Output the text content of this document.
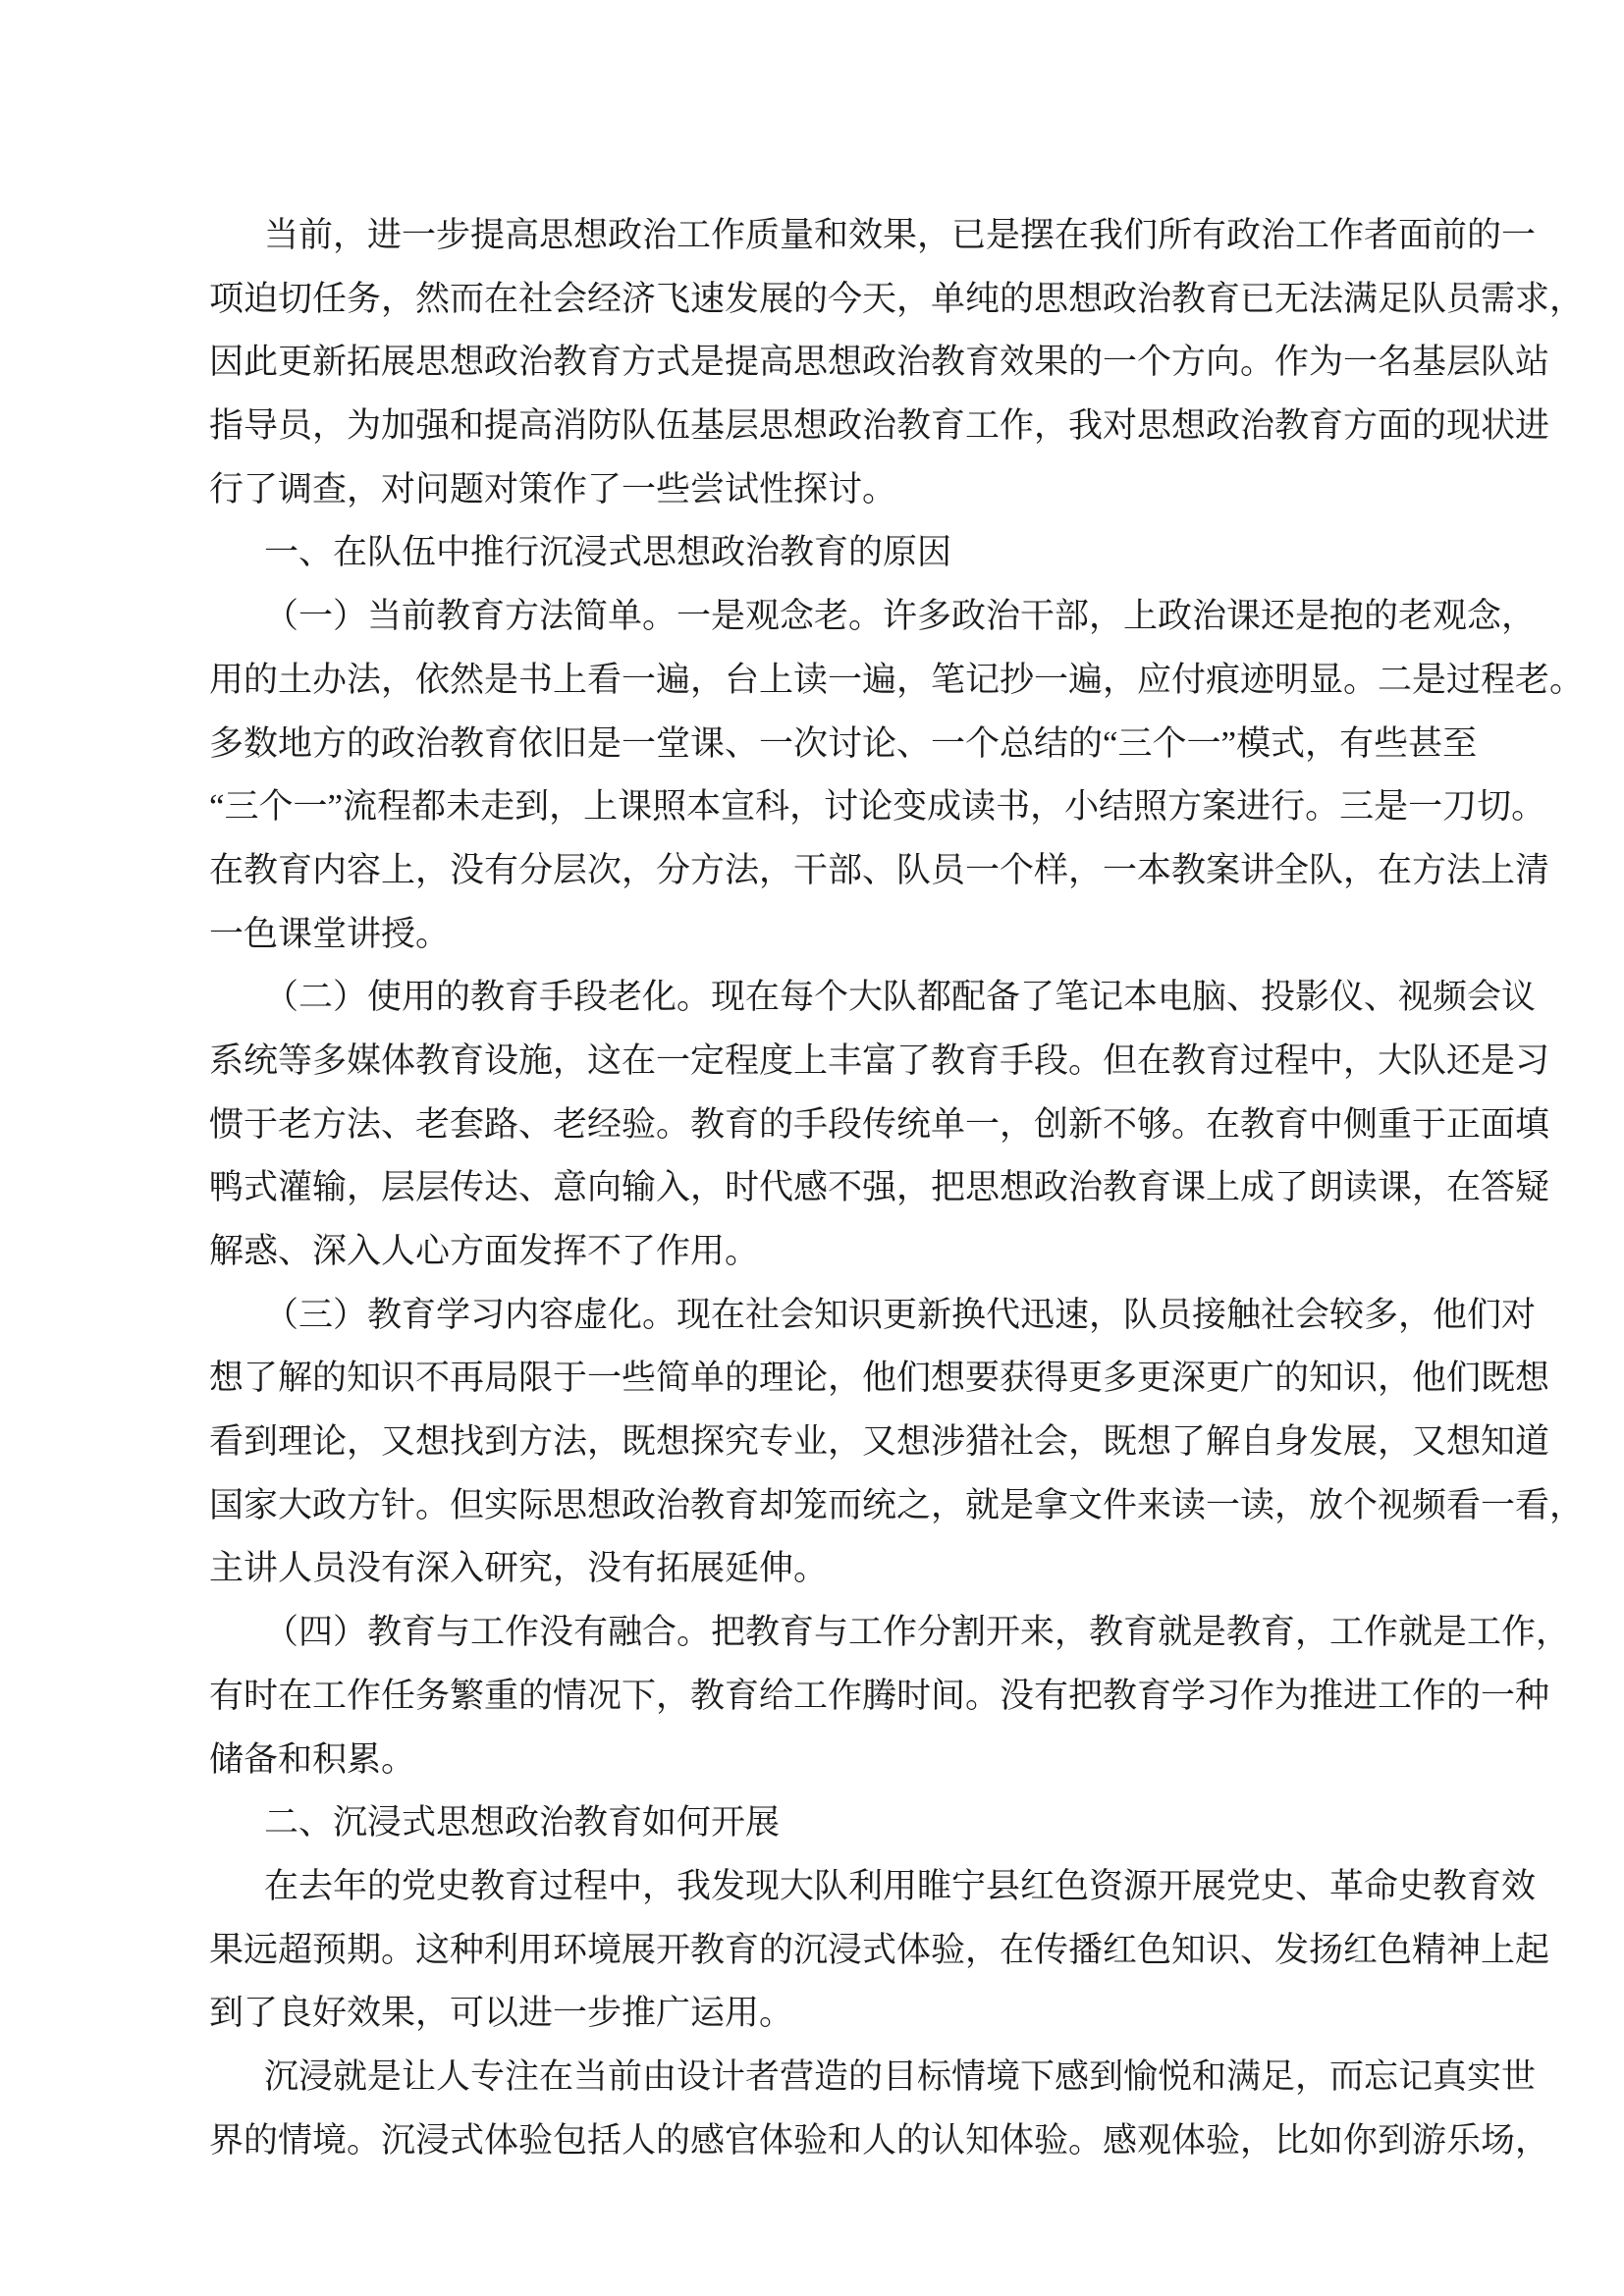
当前，进一步提高思想政治工作质量和效果，已是摆在我们所有政治工作者面前的一
项迫切任务，然而在社会经济飞速发展的今天，单纯的思想政治教育已无法满足队员需求，
因此更新拓展思想政治教育方式是提高思想政治教育效果的一个方向。作为一名基层队站
指导员，为加强和提高消防队伍基层思想政治教育工作，我对思想政治教育方面的现状进
行了调查，对问题对策作了一些尝试性探讨。
一、在队伍中推行沉浸式思想政治教育的原因
（一）当前教育方法简单。一是观念老。许多政治干部，上政治课还是抱的老观念，
用的土办法，依然是书上看一遍，台上读一遍，笔记抄一遍，应付痕迹明显。二是过程老。
多数地方的政治教育依旧是一堂课、一次讨论、一个总结的“三个一”模式，有些甚至
“三个一”流程都未走到，上课照本宣科，讨论变成读书，小结照方案进行。三是一刀切。
在教育内容上，没有分层次，分方法，干部、队员一个样，一本教案讲全队，在方法上清
一色课堂讲授。
（二）使用的教育手段老化。现在每个大队都配备了笔记本电脑、投影仪、视频会议
系统等多媒体教育设施，这在一定程度上丰富了教育手段。但在教育过程中，大队还是习
惯于老方法、老套路、老经验。教育的手段传统单一，创新不够。在教育中侧重于正面填
鸭式灌输，层层传达、意向输入，时代感不强，把思想政治教育课上成了朗读课，在答疑
解惑、深入人心方面发挥不了作用。
（三）教育学习内容虚化。现在社会知识更新换代迅速，队员接触社会较多，他们对
想了解的知识不再局限于一些简单的理论，他们想要获得更多更深更广的知识，他们既想
看到理论，又想找到方法，既想探究专业，又想涉猎社会，既想了解自身发展，又想知道
国家大政方针。但实际思想政治教育却笼而统之，就是拿文件来读一读，放个视频看一看，
主讲人员没有深入研究，没有拓展延伸。
（四）教育与工作没有融合。把教育与工作分割开来，教育就是教育，工作就是工作，
有时在工作任务繁重的情况下，教育给工作腾时间。没有把教育学习作为推进工作的一种
储备和积累。
二、沉浸式思想政治教育如何开展
在去年的党史教育过程中，我发现大队利用睢宁县红色资源开展党史、革命史教育效
果远超预期。这种利用环境展开教育的沉浸式体验，在传播红色知识、发扬红色精神上起
到了良好效果，可以进一步推广运用。
沉浸就是让人专注在当前由设计者营造的目标情境下感到愉悦和满足，而忘记真实世
界的情境。沉浸式体验包括人的感官体验和人的认知体验。感观体验，比如你到游乐场，
